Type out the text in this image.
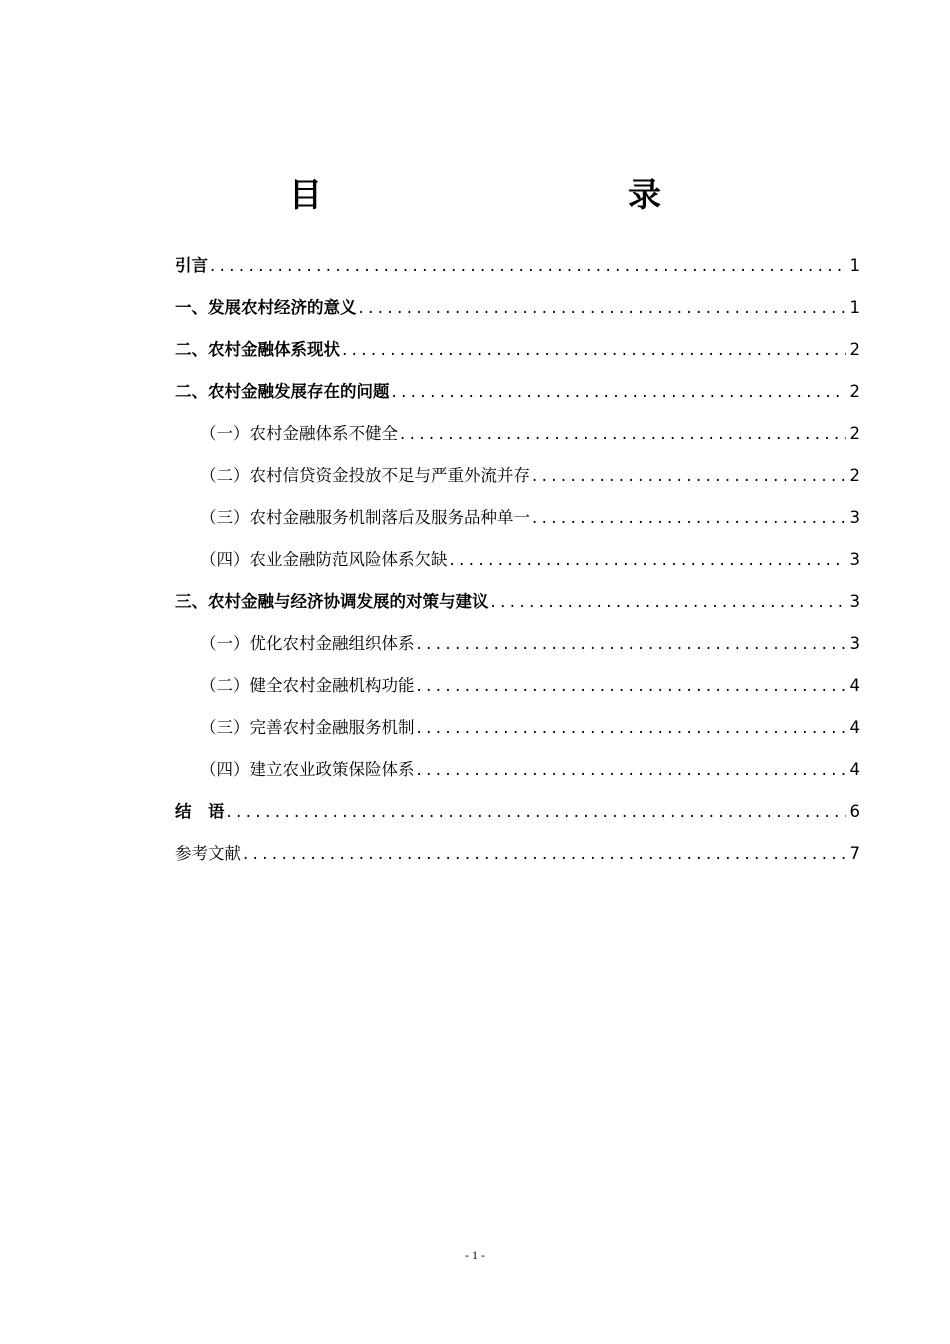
目　　录
引言 .....	1
一、发展农村经济的意义 .....	1
二、农村金融体系现状 .....	2
二、农村金融发展存在的问题 .....	2
（一）农村金融体系不健全 .....	2
（二）农村信贷资金投放不足与严重外流并存 .....	2
（三）农村金融服务机制落后及服务品种单一 .....	3
（四）农业金融防范风险体系欠缺 .....	3
三、农村金融与经济协调发展的对策与建议 .....	3
（一）优化农村金融组织体系 .....	3
（二）健全农村金融机构功能 .....	4
（三）完善农村金融服务机制 .....	4
（四）建立农业政策保险体系 .....	4
结　语 .....	6
参考文献 .....	7
- 1 -
